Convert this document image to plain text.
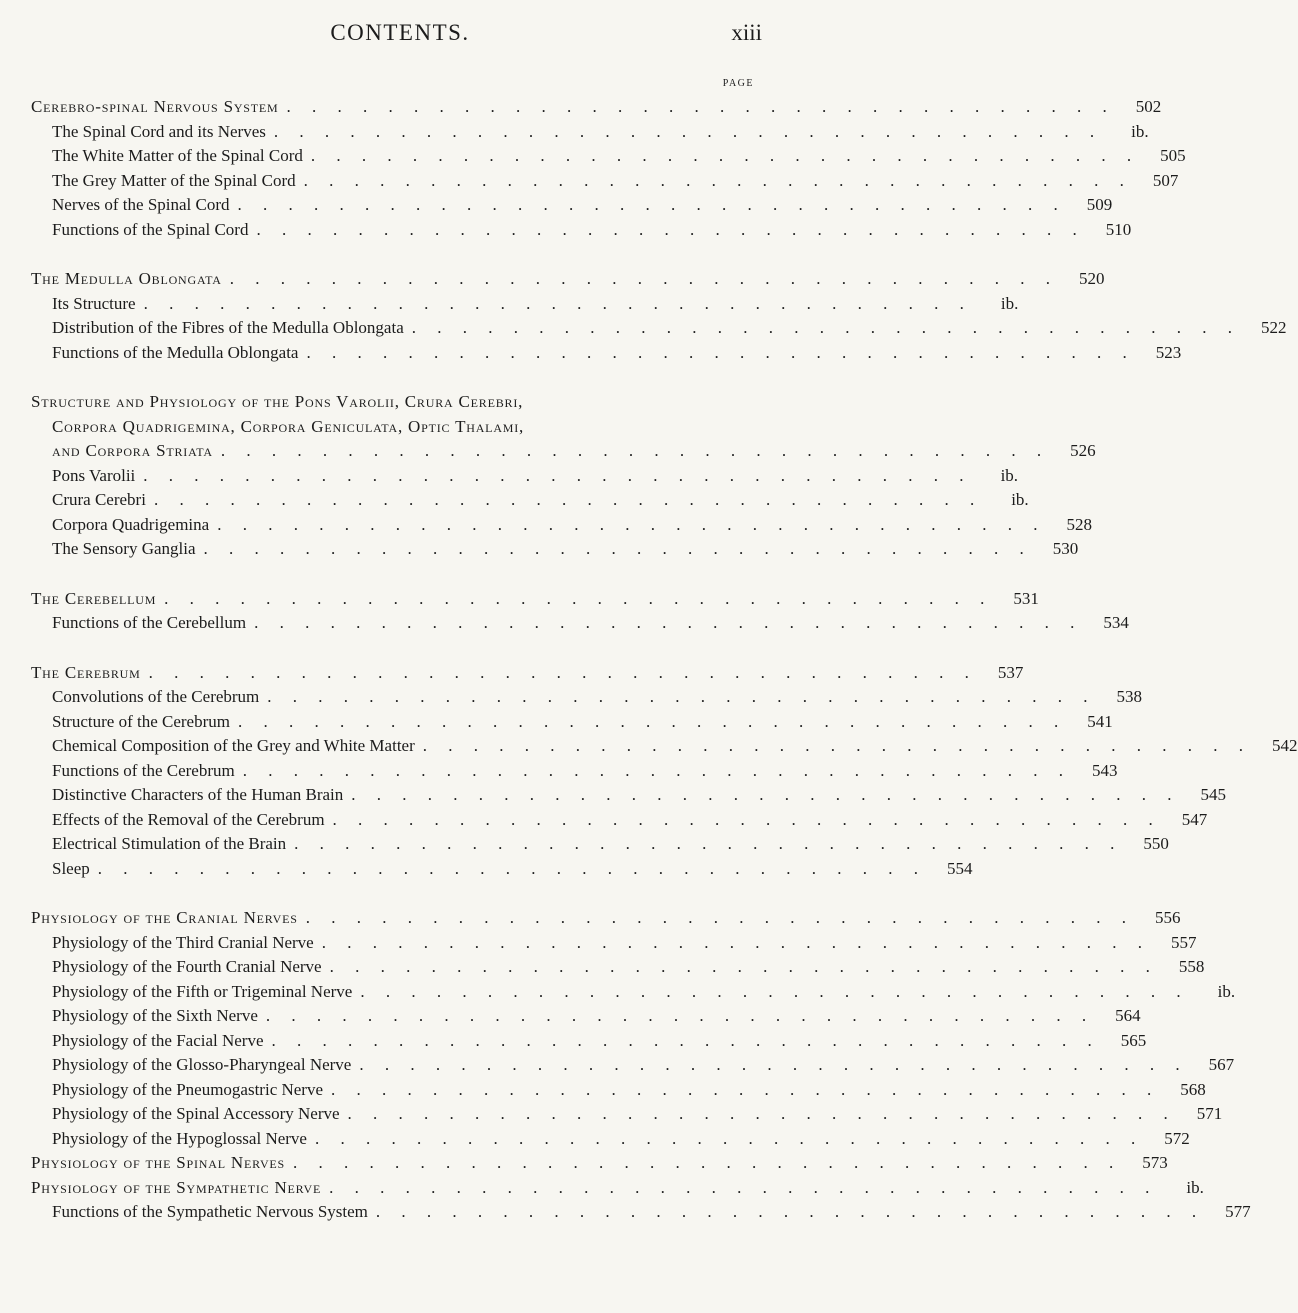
CONTENTS.	xiii
PAGE
Cerebro-spinal Nervous System . . . . . . . . . . . . . . . . . . . . . . . . . . . . . . . . .	502
The Spinal Cord and its Nerves . . . . . . . . . . . . . . . . . . . . . . . . . . . . . . . . .	ib.
The White Matter of the Spinal Cord . . . . . . . . . . . . . . . . . . . . . . . . . . . . . . . . .	505
The Grey Matter of the Spinal Cord . . . . . . . . . . . . . . . . . . . . . . . . . . . . . . . . .	507
Nerves of the Spinal Cord . . . . . . . . . . . . . . . . . . . . . . . . . . . . . . . . .	509
Functions of the Spinal Cord . . . . . . . . . . . . . . . . . . . . . . . . . . . . . . . . .	510
The Medulla Oblongata . . . . . . . . . . . . . . . . . . . . . . . . . . . . . . . . .	520
Its Structure . . . . . . . . . . . . . . . . . . . . . . . . . . . . . . . . .	ib.
Distribution of the Fibres of the Medulla Oblongata . . . . . . . . . . . . . . . . . . . . . . . . . . . . . . . . .	522
Functions of the Medulla Oblongata . . . . . . . . . . . . . . . . . . . . . . . . . . . . . . . . .	523
Structure and Physiology of the Pons Varolii, Crura Cerebri,
Corpora Quadrigemina, Corpora Geniculata, Optic Thalami,
and Corpora Striata . . . . . . . . . . . . . . . . . . . . . . . . . . . . . . . . .	526
Pons Varolii . . . . . . . . . . . . . . . . . . . . . . . . . . . . . . . . .	ib.
Crura Cerebri . . . . . . . . . . . . . . . . . . . . . . . . . . . . . . . . .	ib.
Corpora Quadrigemina . . . . . . . . . . . . . . . . . . . . . . . . . . . . . . . . .	528
The Sensory Ganglia . . . . . . . . . . . . . . . . . . . . . . . . . . . . . . . . .	530
The Cerebellum . . . . . . . . . . . . . . . . . . . . . . . . . . . . . . . . .	531
Functions of the Cerebellum . . . . . . . . . . . . . . . . . . . . . . . . . . . . . . . . .	534
The Cerebrum . . . . . . . . . . . . . . . . . . . . . . . . . . . . . . . . .	537
Convolutions of the Cerebrum . . . . . . . . . . . . . . . . . . . . . . . . . . . . . . . . .	538
Structure of the Cerebrum . . . . . . . . . . . . . . . . . . . . . . . . . . . . . . . . .	541
Chemical Composition of the Grey and White Matter . . . . . . . . . . . . . . . . . . . . . . . . . . . . . . . . .	542
Functions of the Cerebrum . . . . . . . . . . . . . . . . . . . . . . . . . . . . . . . . .	543
Distinctive Characters of the Human Brain . . . . . . . . . . . . . . . . . . . . . . . . . . . . . . . . .	545
Effects of the Removal of the Cerebrum . . . . . . . . . . . . . . . . . . . . . . . . . . . . . . . . .	547
Electrical Stimulation of the Brain . . . . . . . . . . . . . . . . . . . . . . . . . . . . . . . . .	550
Sleep . . . . . . . . . . . . . . . . . . . . . . . . . . . . . . . . .	554
Physiology of the Cranial Nerves . . . . . . . . . . . . . . . . . . . . . . . . . . . . . . . . .	556
Physiology of the Third Cranial Nerve . . . . . . . . . . . . . . . . . . . . . . . . . . . . . . . . .	557
Physiology of the Fourth Cranial Nerve . . . . . . . . . . . . . . . . . . . . . . . . . . . . . . . . .	558
Physiology of the Fifth or Trigeminal Nerve . . . . . . . . . . . . . . . . . . . . . . . . . . . . . . . . .	ib.
Physiology of the Sixth Nerve . . . . . . . . . . . . . . . . . . . . . . . . . . . . . . . . .	564
Physiology of the Facial Nerve . . . . . . . . . . . . . . . . . . . . . . . . . . . . . . . . .	565
Physiology of the Glosso-Pharyngeal Nerve . . . . . . . . . . . . . . . . . . . . . . . . . . . . . . . . .	567
Physiology of the Pneumogastric Nerve . . . . . . . . . . . . . . . . . . . . . . . . . . . . . . . . .	568
Physiology of the Spinal Accessory Nerve . . . . . . . . . . . . . . . . . . . . . . . . . . . . . . . . .	571
Physiology of the Hypoglossal Nerve . . . . . . . . . . . . . . . . . . . . . . . . . . . . . . . . .	572
Physiology of the Spinal Nerves . . . . . . . . . . . . . . . . . . . . . . . . . . . . . . . . .	573
Physiology of the Sympathetic Nerve . . . . . . . . . . . . . . . . . . . . . . . . . . . . . . . . .	ib.
Functions of the Sympathetic Nervous System . . . . . . . . . . . . . . . . . . . . . . . . . . . . . . . . .	577
